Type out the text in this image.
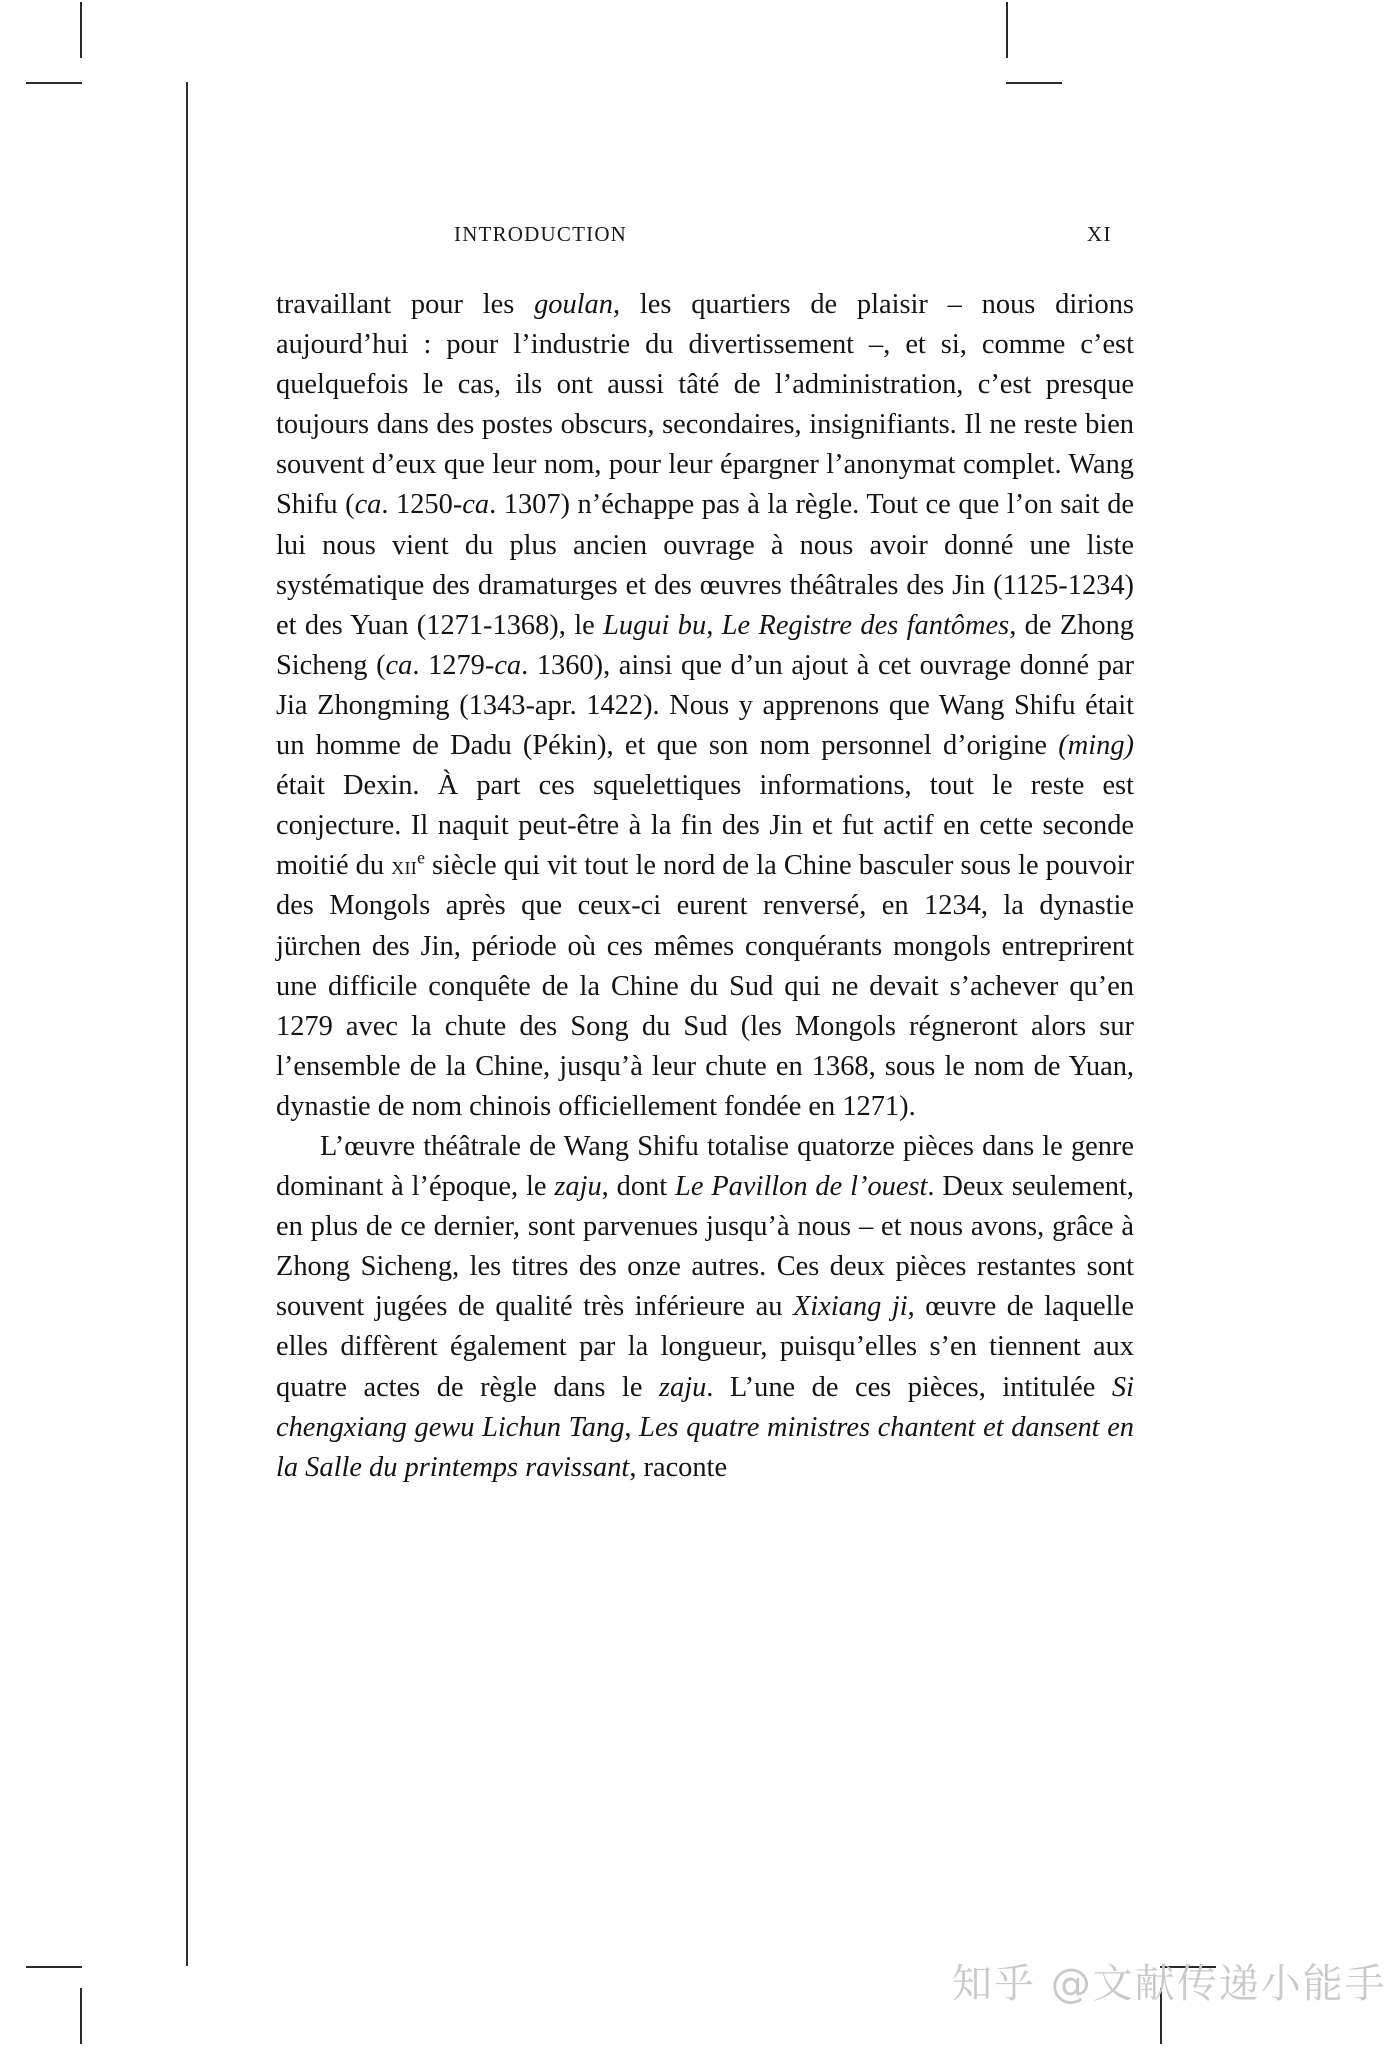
INTRODUCTION	XI

travaillant pour les goulan, les quartiers de plaisir – nous dirions aujourd’hui : pour l’industrie du divertissement –, et si, comme c’est quelquefois le cas, ils ont aussi tâté de l’administration, c’est presque toujours dans des postes obscurs, secondaires, insignifiants. Il ne reste bien souvent d’eux que leur nom, pour leur épargner l’anonymat complet. Wang Shifu (ca. 1250-ca. 1307) n’échappe pas à la règle. Tout ce que l’on sait de lui nous vient du plus ancien ouvrage à nous avoir donné une liste systématique des dramaturges et des œuvres théâtrales des Jin (1125-1234) et des Yuan (1271-1368), le Lugui bu, Le Registre des fantômes, de Zhong Sicheng (ca. 1279-ca. 1360), ainsi que d’un ajout à cet ouvrage donné par Jia Zhongming (1343-apr. 1422). Nous y apprenons que Wang Shifu était un homme de Dadu (Pékin), et que son nom personnel d’origine (ming) était Dexin. À part ces squelettiques informations, tout le reste est conjecture. Il naquit peut-être à la fin des Jin et fut actif en cette seconde moitié du xii$^e$ siècle qui vit tout le nord de la Chine basculer sous le pouvoir des Mongols après que ceux-ci eurent renversé, en 1234, la dynastie jürchen des Jin, période où ces mêmes conquérants mongols entreprirent une difficile conquête de la Chine du Sud qui ne devait s’achever qu’en 1279 avec la chute des Song du Sud (les Mongols régneront alors sur l’ensemble de la Chine, jusqu’à leur chute en 1368, sous le nom de Yuan, dynastie de nom chinois officiellement fondée en 1271).

L’œuvre théâtrale de Wang Shifu totalise quatorze pièces dans le genre dominant à l’époque, le zaju, dont Le Pavillon de l’ouest. Deux seulement, en plus de ce dernier, sont parvenues jusqu’à nous – et nous avons, grâce à Zhong Sicheng, les titres des onze autres. Ces deux pièces restantes sont souvent jugées de qualité très inférieure au Xixiang ji, œuvre de laquelle elles diffèrent également par la longueur, puisqu’elles s’en tiennent aux quatre actes de règle dans le zaju. L’une de ces pièces, intitulée Si chengxiang gewu Lichun Tang, Les quatre ministres chantent et dansent en la Salle du printemps ravissant, raconte

知乎 @文献传递小能手
